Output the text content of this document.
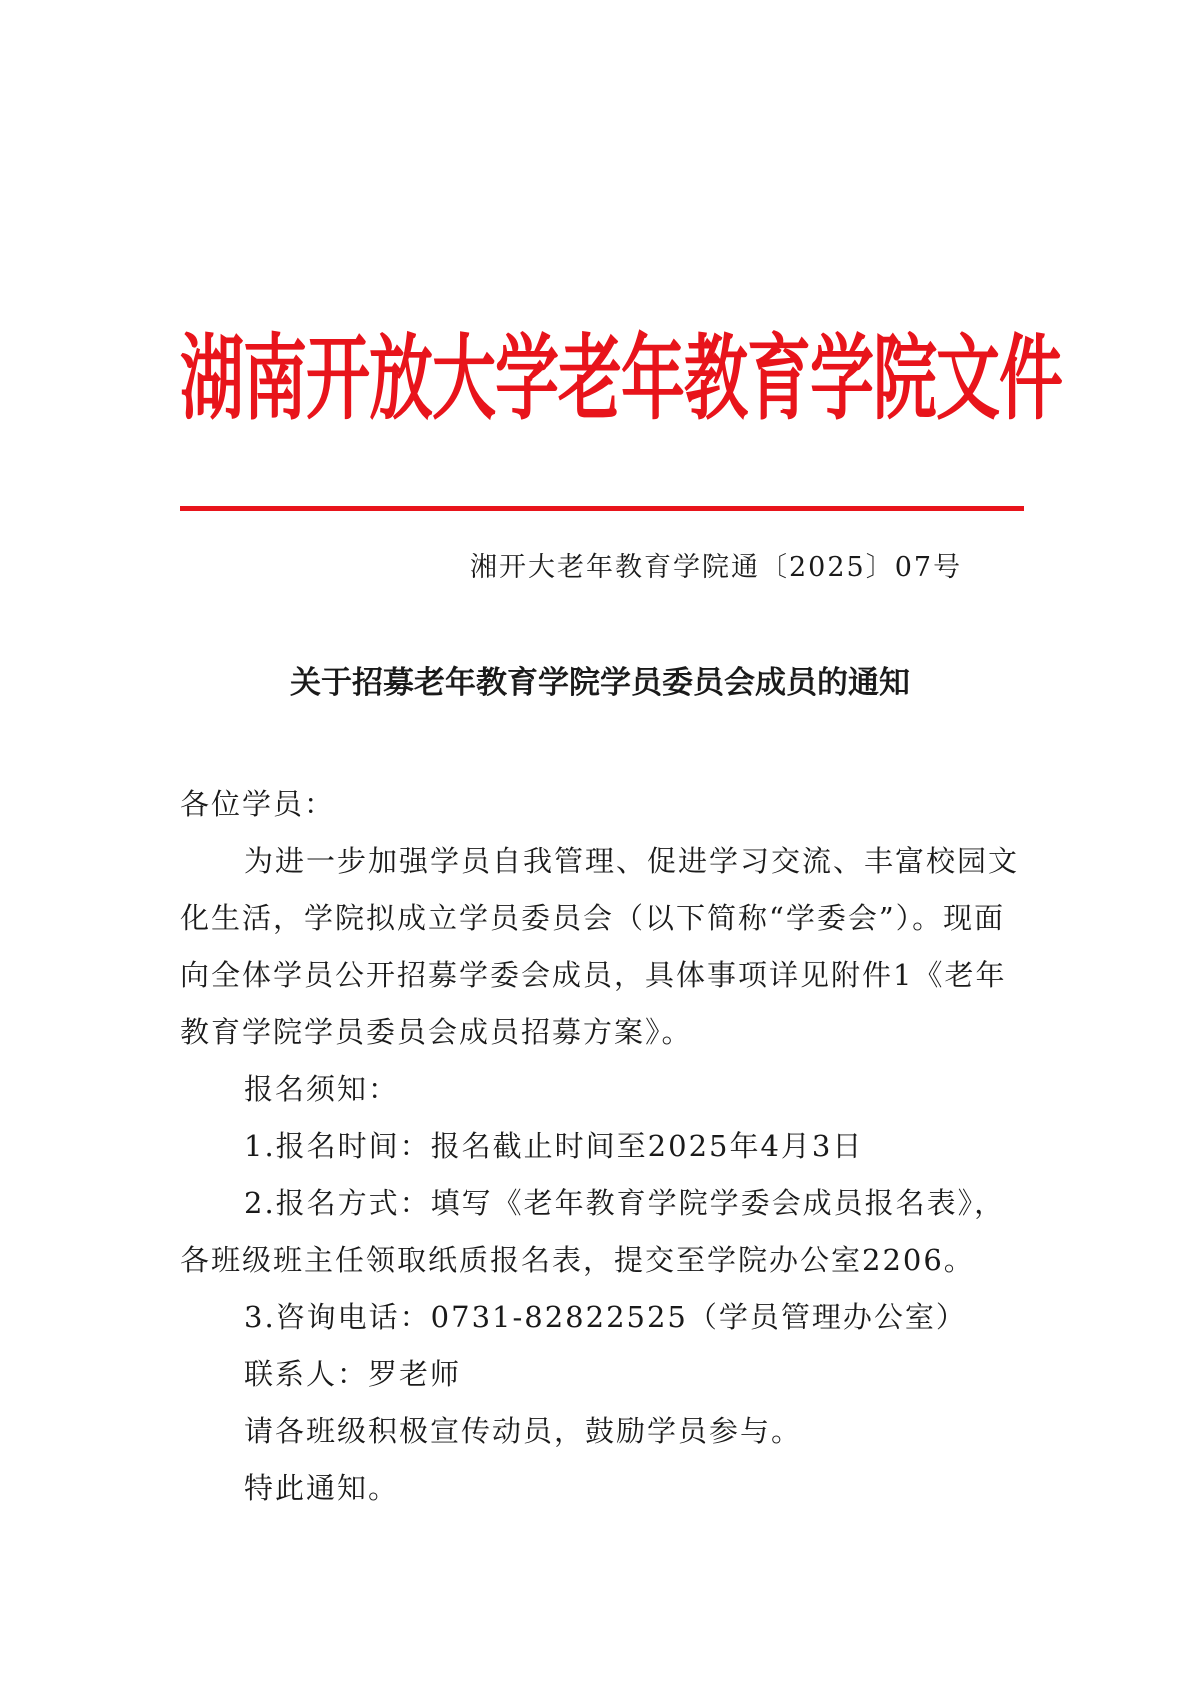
湖南开放大学老年教育学院文件
湘开大老年教育学院通〔2025〕07号
关于招募老年教育学院学员委员会成员的通知

各位学员：

为进一步加强学员自我管理、促进学习交流、丰富校园文化生活，学院拟成立学员委员会（以下简称“学委会”）。现面向全体学员公开招募学委会成员，具体事项详见附件1《老年教育学院学员委员会成员招募方案》。

报名须知：

1.报名时间：报名截止时间至2025年4月3日

2.报名方式：填写《老年教育学院学委会成员报名表》，各班级班主任领取纸质报名表，提交至学院办公室2206。

3.咨询电话：0731-82822525（学员管理办公室）

联系人：罗老师

请各班级积极宣传动员，鼓励学员参与。

特此通知。
